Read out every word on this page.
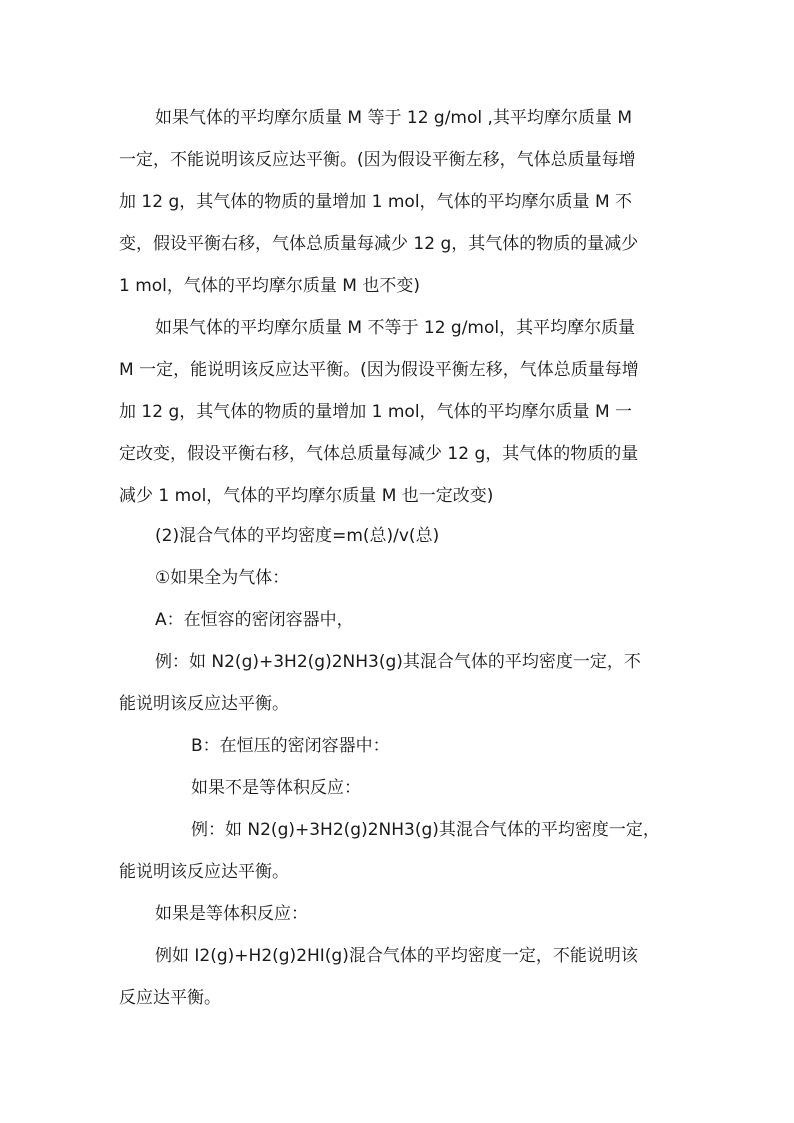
如果气体的平均摩尔质量 M 等于 12 g/mol ,其平均摩尔质量 M
一定，不能说明该反应达平衡。(因为假设平衡左移，气体总质量每增
加 12 g，其气体的物质的量增加 1 mol，气体的平均摩尔质量 M 不
变，假设平衡右移，气体总质量每减少 12 g，其气体的物质的量减少
1 mol，气体的平均摩尔质量 M 也不变)
如果气体的平均摩尔质量 M 不等于 12 g/mol，其平均摩尔质量
M 一定，能说明该反应达平衡。(因为假设平衡左移，气体总质量每增
加 12 g，其气体的物质的量增加 1 mol，气体的平均摩尔质量 M 一
定改变，假设平衡右移，气体总质量每减少 12 g，其气体的物质的量
减少 1 mol，气体的平均摩尔质量 M 也一定改变)
(2)混合气体的平均密度=m(总)/v(总)
①如果全为气体：
A：在恒容的密闭容器中，
例：如 N2(g)+3H2(g)2NH3(g)其混合气体的平均密度一定，不
能说明该反应达平衡。
B：在恒压的密闭容器中：
如果不是等体积反应：
例：如 N2(g)+3H2(g)2NH3(g)其混合气体的平均密度一定，
能说明该反应达平衡。
如果是等体积反应：
例如 I2(g)+H2(g)2HI(g)混合气体的平均密度一定，不能说明该
反应达平衡。
